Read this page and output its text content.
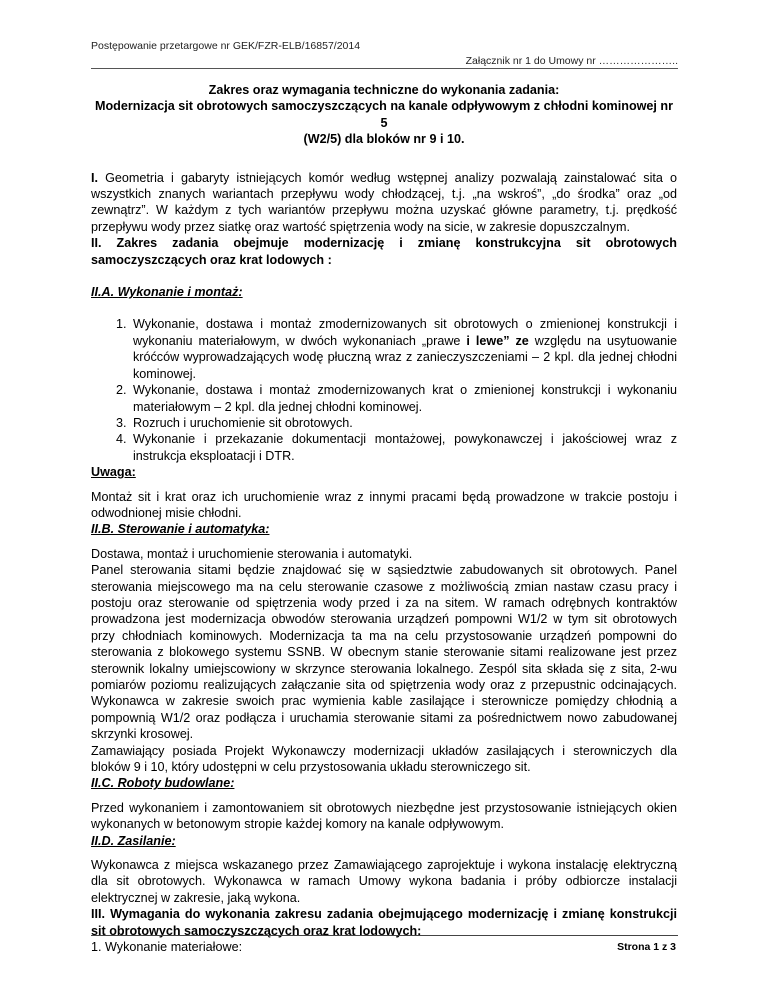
Postępowanie przetargowe nr GEK/FZR-ELB/16857/2014
Załącznik nr 1 do Umowy nr …………………..
Zakres oraz wymagania techniczne do wykonania zadania:
Modernizacja sit obrotowych samoczyszczących na kanale odpływowym z chłodni kominowej nr 5
(W2/5) dla bloków nr 9 i 10.

I. Geometria i gabaryty istniejących komór według wstępnej analizy pozwalają zainstalować sita o wszystkich znanych wariantach przepływu wody chłodzącej, t.j. „na wskroś”, „do środka” oraz „od zewnątrz”. W każdym z tych wariantów przepływu można uzyskać główne parametry, t.j. prędkość przepływu wody przez siatkę oraz wartość spiętrzenia wody na sicie, w zakresie dopuszczalnym.

II. Zakres zadania obejmuje modernizację i zmianę konstrukcyjna sit obrotowych samoczyszczących oraz krat lodowych :

II.A. Wykonanie i montaż:

1. Wykonanie, dostawa i montaż zmodernizowanych sit obrotowych o zmienionej konstrukcji i wykonaniu materiałowym, w dwóch wykonaniach „prawe i lewe” ze względu na usytuowanie króćców wyprowadzających wodę płuczną wraz z zanieczyszczeniami – 2 kpl. dla jednej chłodni kominowej.
2. Wykonanie, dostawa i montaż zmodernizowanych krat o zmienionej konstrukcji i wykonaniu materiałowym – 2 kpl. dla jednej chłodni kominowej.
3. Rozruch i uruchomienie sit obrotowych.
4. Wykonanie i przekazanie dokumentacji montażowej, powykonawczej i jakościowej wraz z instrukcja eksploatacji i DTR.

Uwaga:

Montaż sit i krat oraz ich uruchomienie wraz z innymi pracami będą prowadzone w trakcie postoju i odwodnionej misie chłodni.

II.B. Sterowanie i automatyka:

Dostawa, montaż i uruchomienie sterowania i automatyki.

Panel sterowania sitami będzie znajdować się w sąsiedztwie zabudowanych sit obrotowych. Panel sterowania miejscowego ma na celu sterowanie czasowe z możliwością zmian nastaw czasu pracy i postoju oraz sterowanie od spiętrzenia wody przed i za na sitem. W ramach odrębnych kontraktów prowadzona jest modernizacja obwodów sterowania urządzeń pompowni W1/2 w tym sit obrotowych przy chłodniach kominowych. Modernizacja ta ma na celu przystosowanie urządzeń pompowni do sterowania z blokowego systemu SSNB. W obecnym stanie sterowanie sitami realizowane jest przez sterownik lokalny umiejscowiony w skrzynce sterowania lokalnego. Zespól sita składa się z sita, 2-wu pomiarów poziomu realizujących załączanie sita od spiętrzenia wody oraz z przepustnic odcinających. Wykonawca w zakresie swoich prac wymienia kable zasilające i sterownicze pomiędzy chłodnią a pompownią W1/2 oraz podłącza i uruchamia sterowanie sitami za pośrednictwem nowo zabudowanej skrzynki krosowej.

Zamawiający posiada Projekt Wykonawczy modernizacji układów zasilających i sterowniczych dla bloków 9 i 10, który udostępni w celu przystosowania układu sterowniczego sit.

II.C. Roboty budowlane:

Przed wykonaniem i zamontowaniem sit obrotowych niezbędne jest przystosowanie istniejących okien wykonanych w betonowym stropie każdej komory na kanale odpływowym.

II.D. Zasilanie:

Wykonawca z miejsca wskazanego przez Zamawiającego zaprojektuje i wykona instalację elektryczną dla sit obrotowych. Wykonawca w ramach Umowy wykona badania i próby odbiorcze instalacji elektrycznej w zakresie, jaką wykona.

III. Wymagania do wykonania zakresu zadania obejmującego modernizację i zmianę konstrukcji sit obrotowych samoczyszczących oraz krat lodowych:

1. Wykonanie materiałowe:	Strona 1 z 3
